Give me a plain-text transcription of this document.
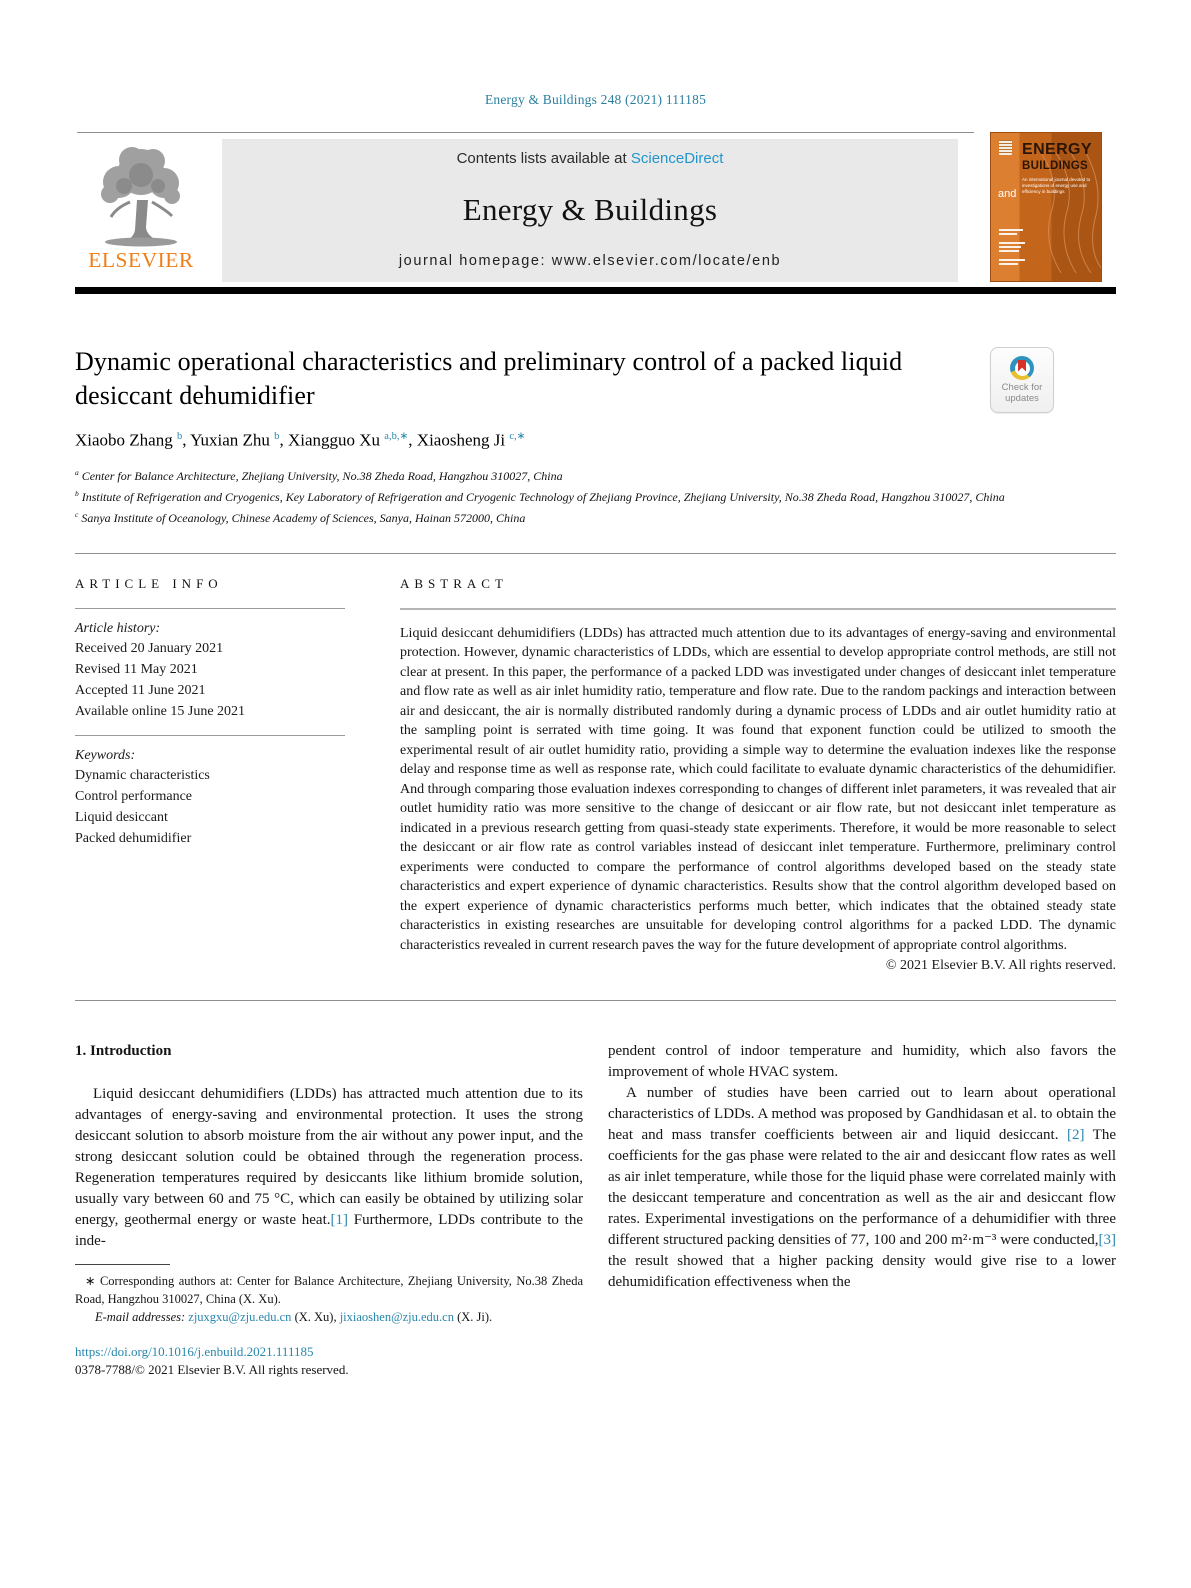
Energy & Buildings 248 (2021) 111185
ELSEVIER
Contents lists available at ScienceDirect
Energy & Buildings
journal homepage: www.elsevier.com/locate/enb
and
ENERGY
BUILDINGS
An international journal devoted to investigations of energy use and efficiency in buildings
Dynamic operational characteristics and preliminary control of a packed liquid desiccant dehumidifier	Check for
updates
Xiaobo Zhang $^b$, Yuxian Zhu $^b$, Xiangguo Xu $^{a,b,∗}$, Xiaosheng Ji $^{c,∗}$
$^a$ Center for Balance Architecture, Zhejiang University, No.38 Zheda Road, Hangzhou 310027, China
$^b$ Institute of Refrigeration and Cryogenics, Key Laboratory of Refrigeration and Cryogenic Technology of Zhejiang Province, Zhejiang University, No.38 Zheda Road, Hangzhou 310027, China
$^c$ Sanya Institute of Oceanology, Chinese Academy of Sciences, Sanya, Hainan 572000, China
ARTICLE INFO
Article history:
Received 20 January 2021
Revised 11 May 2021
Accepted 11 June 2021
Available online 15 June 2021
Keywords:
Dynamic characteristics
Control performance
Liquid desiccant
Packed dehumidifier
ABSTRACT
Liquid desiccant dehumidifiers (LDDs) has attracted much attention due to its advantages of energy-saving and environmental protection. However, dynamic characteristics of LDDs, which are essential to develop appropriate control methods, are still not clear at present. In this paper, the performance of a packed LDD was investigated under changes of desiccant inlet temperature and flow rate as well as air inlet humidity ratio, temperature and flow rate. Due to the random packings and interaction between air and desiccant, the air is normally distributed randomly during a dynamic process of LDDs and air outlet humidity ratio at the sampling point is serrated with time going. It was found that exponent function could be utilized to smooth the experimental result of air outlet humidity ratio, providing a simple way to determine the evaluation indexes like the response delay and response time as well as response rate, which could facilitate to evaluate dynamic characteristics of the dehumidifier. And through comparing those evaluation indexes corresponding to changes of different inlet parameters, it was revealed that air outlet humidity ratio was more sensitive to the change of desiccant or air flow rate, but not desiccant inlet temperature as indicated in a previous research getting from quasi-steady state experiments. Therefore, it would be more reasonable to select the desiccant or air flow rate as control variables instead of desiccant inlet temperature. Furthermore, preliminary control experiments were conducted to compare the performance of control algorithms developed based on the steady state characteristics and expert experience of dynamic characteristics. Results show that the control algorithm developed based on the expert experience of dynamic characteristics performs much better, which indicates that the obtained steady state characteristics in existing researches are unsuitable for developing control algorithms for a packed LDD. The dynamic characteristics revealed in current research paves the way for the future development of appropriate control algorithms.
© 2021 Elsevier B.V. All rights reserved.
1. Introduction

Liquid desiccant dehumidifiers (LDDs) has attracted much attention due to its advantages of energy-saving and environmental protection. It uses the strong desiccant solution to absorb moisture from the air without any power input, and the strong desiccant solution could be obtained through the regeneration process. Regeneration temperatures required by desiccants like lithium bromide solution, usually vary between 60 and 75 °C, which can easily be obtained by utilizing solar energy, geothermal energy or waste heat.[1] Furthermore, LDDs contribute to the inde-

∗ Corresponding authors at: Center for Balance Architecture, Zhejiang University, No.38 Zheda Road, Hangzhou 310027, China (X. Xu).
E-mail addresses: zjuxgxu@zju.edu.cn (X. Xu), jixiaoshen@zju.edu.cn (X. Ji).
https://doi.org/10.1016/j.enbuild.2021.111185
0378-7788/© 2021 Elsevier B.V. All rights reserved.

pendent control of indoor temperature and humidity, which also favors the improvement of whole HVAC system.

A number of studies have been carried out to learn about operational characteristics of LDDs. A method was proposed by Gandhidasan et al. to obtain the heat and mass transfer coefficients between air and liquid desiccant. [2] The coefficients for the gas phase were related to the air and desiccant flow rates as well as air inlet temperature, while those for the liquid phase were correlated mainly with the desiccant temperature and concentration as well as the air and desiccant flow rates. Experimental investigations on the performance of a dehumidifier with three different structured packing densities of 77, 100 and 200 m²·m⁻³ were conducted,[3] the result showed that a higher packing density would give rise to a lower dehumidification effectiveness when the
